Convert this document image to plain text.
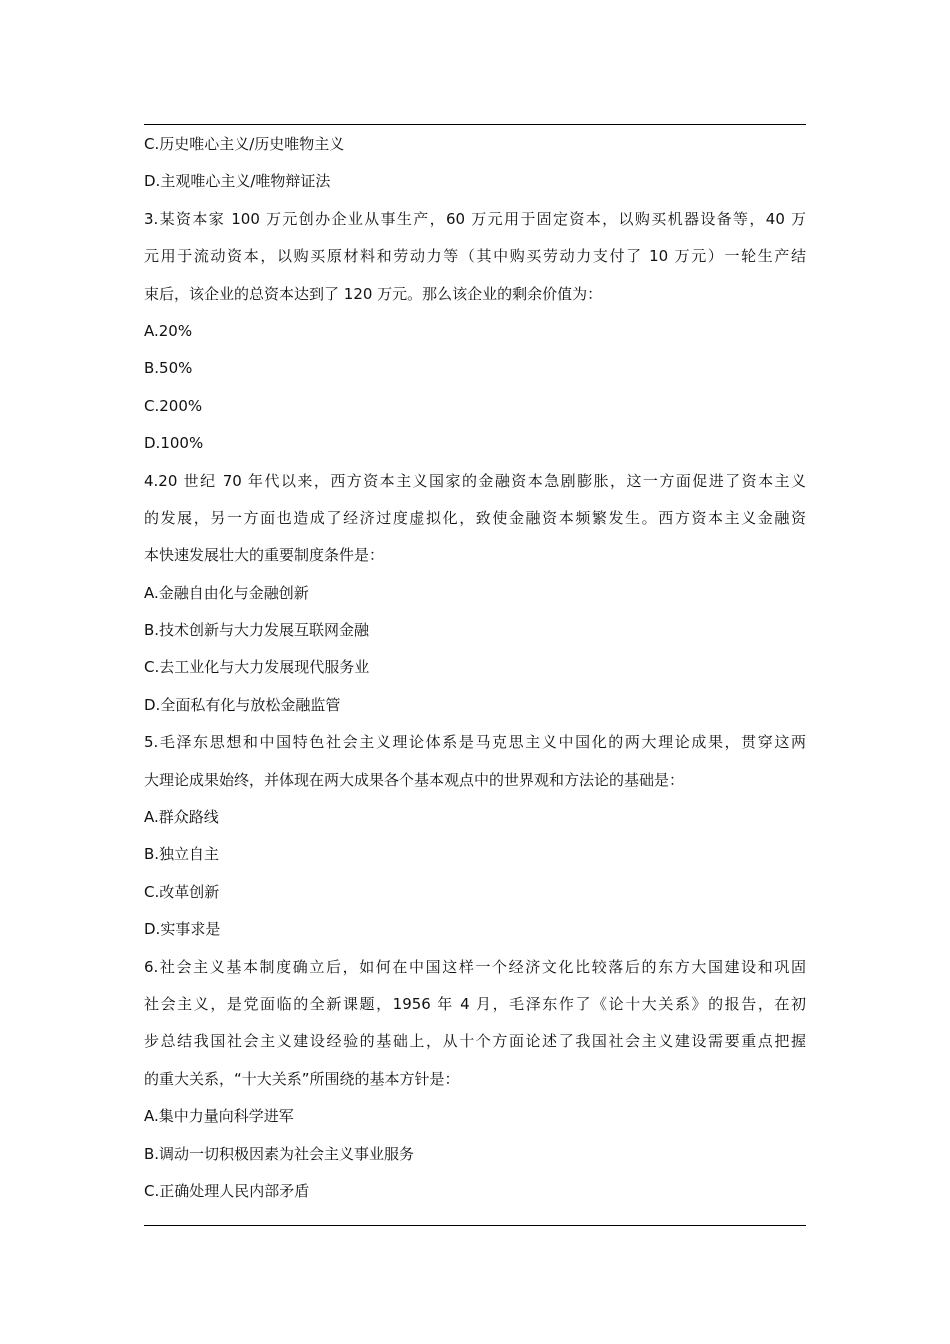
C.历史唯心主义/历史唯物主义
D.主观唯心主义/唯物辩证法
3.某资本家 100 万元创办企业从事生产，60 万元用于固定资本，以购买机器设备等，40 万
元用于流动资本，以购买原材料和劳动力等（其中购买劳动力支付了 10 万元）一轮生产结
束后，该企业的总资本达到了 120 万元。那么该企业的剩余价值为：
A.20%
B.50%
C.200%
D.100%
4.20 世纪 70 年代以来，西方资本主义国家的金融资本急剧膨胀，这一方面促进了资本主义
的发展，另一方面也造成了经济过度虚拟化，致使金融资本频繁发生。西方资本主义金融资
本快速发展壮大的重要制度条件是：
A.金融自由化与金融创新
B.技术创新与大力发展互联网金融
C.去工业化与大力发展现代服务业
D.全面私有化与放松金融监管
5.毛泽东思想和中国特色社会主义理论体系是马克思主义中国化的两大理论成果，贯穿这两
大理论成果始终，并体现在两大成果各个基本观点中的世界观和方法论的基础是：
A.群众路线
B.独立自主
C.改革创新
D.实事求是
6.社会主义基本制度确立后，如何在中国这样一个经济文化比较落后的东方大国建设和巩固
社会主义，是党面临的全新课题，1956 年 4 月，毛泽东作了《论十大关系》的报告，在初
步总结我国社会主义建设经验的基础上，从十个方面论述了我国社会主义建设需要重点把握
的重大关系，“十大关系”所围绕的基本方针是：
A.集中力量向科学进军
B.调动一切积极因素为社会主义事业服务
C.正确处理人民内部矛盾
